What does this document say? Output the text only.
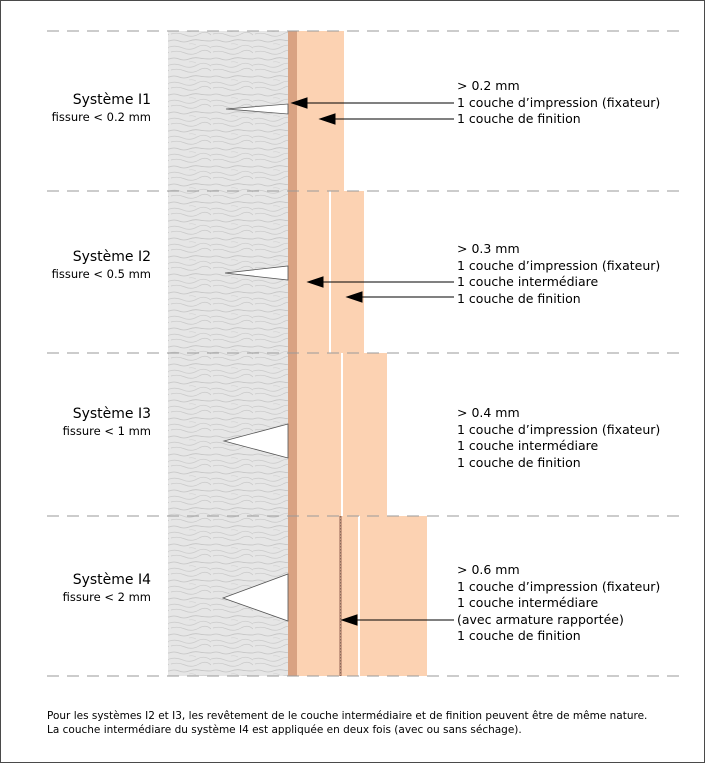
Système I1
fissure < 0.2 mm
Système I2
fissure < 0.5 mm
Système I3
fissure < 1 mm
Système I4
fissure < 2 mm
> 0.2 mm
1 couche d’impression (fixateur)
1 couche de finition
> 0.3 mm
1 couche d’impression (fixateur)
1 couche intermédiare
1 couche de finition
> 0.4 mm
1 couche d’impression (fixateur)
1 couche intermédiare
1 couche de finition
> 0.6 mm
1 couche d’impression (fixateur)
1 couche intermédiare
(avec armature rapportée)
1 couche de finition
Pour les systèmes I2 et I3, les revêtement de le couche intermédiaire et de finition peuvent être de même nature.
La couche intermédiare du système I4 est appliquée en deux fois (avec ou sans séchage).
